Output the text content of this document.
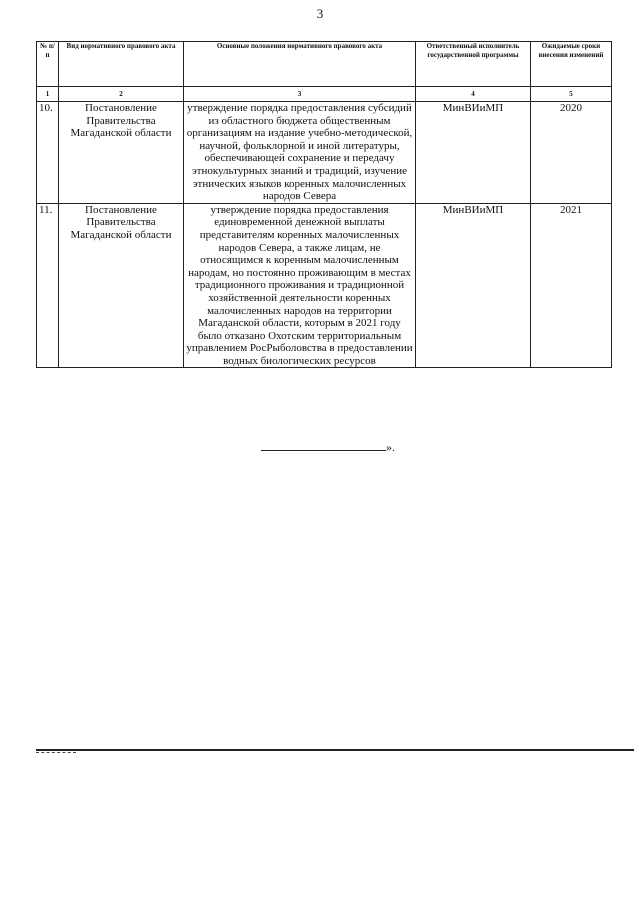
3
№ п/п	Вид нормативного правового акта	Основные положения нормативного правового акта	Ответственный исполнитель государственной программы	Ожидаемые сроки внесения изменений
1	2	3	4	5
10.	Постановление Правительства Магаданской области	утверждение порядка предоставления субсидий из областного бюджета общественным организациям на издание учебно-методической, научной, фольклорной и иной литературы, обеспечивающей сохранение и передачу этнокультурных знаний и традиций, изучение этнических языков коренных малочисленных народов Севера	МинВИиМП	2020
11.	Постановление Правительства Магаданской области	утверждение порядка предоставления единовременной денежной выплаты представителям коренных малочисленных народов Севера, а также лицам, не относящимся к коренным малочисленным народам, но постоянно проживающим в местах традиционного проживания и традиционной хозяйственной деятельности коренных малочисленных народов на территории Магаданской области, которым в 2021 году было отказано Охотским территориальным управлением РосРыболовства в предоставлении водных биологических ресурсов	МинВИиМП	2021
».
